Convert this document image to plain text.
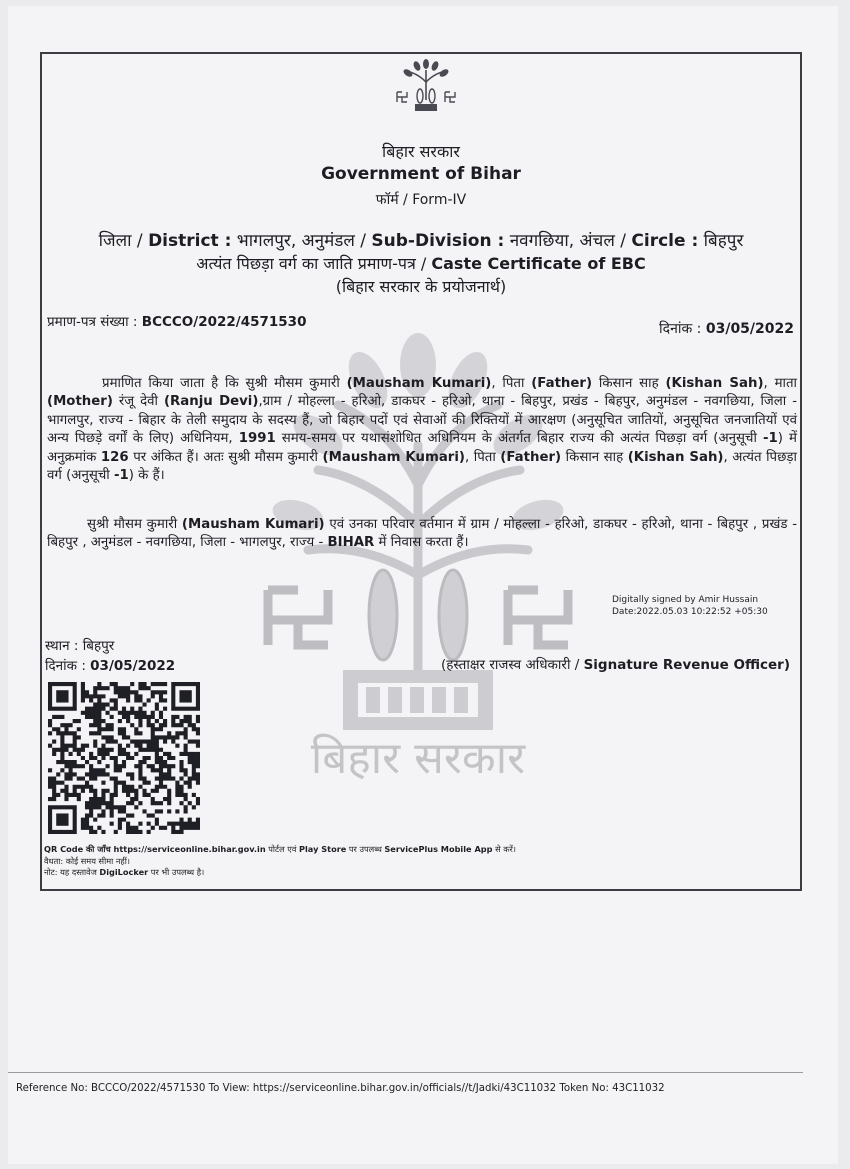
बिहार सरकार
बिहार सरकार
Government of Bihar
फॉर्म / Form-IV
जिला / District : भागलपुर, अनुमंडल / Sub-Division : नवगछिया, अंचल / Circle : बिहपुर
अत्यंत पिछड़ा वर्ग का जाति प्रमाण-पत्र / Caste Certificate of EBC
(बिहार सरकार के प्रयोजनार्थ)
प्रमाण-पत्र संख्या : BCCCO/2022/4571530	दिनांक : 03/05/2022
प्रमाणित किया जाता है कि सुश्री मौसम कुमारी (Mausham Kumari), पिता (Father) किसान साह (Kishan Sah), माता (Mother) रंजू देवी (Ranju Devi),ग्राम / मोहल्ला - हरिओ, डाकघर - हरिओ, थाना - बिहपुर, प्रखंड - बिहपुर, अनुमंडल - नवगछिया, जिला - भागलपुर, राज्य - बिहार के तेली समुदाय के सदस्य हैं, जो बिहार पदों एवं सेवाओं की रिक्तियों में आरक्षण (अनुसूचित जातियों, अनुसूचित जनजातियों एवं अन्य पिछड़े वर्गों के लिए) अधिनियम, 1991 समय-समय पर यथासंशोधित अधिनियम के अंतर्गत बिहार राज्य की अत्यंत पिछड़ा वर्ग (अनुसूची -1) में अनुक्रमांक 126 पर अंकित हैं। अतः सुश्री मौसम कुमारी (Mausham Kumari), पिता (Father) किसान साह (Kishan Sah), अत्यंत पिछड़ा वर्ग (अनुसूची -1) के हैं।
सुश्री मौसम कुमारी (Mausham Kumari) एवं उनका परिवार वर्तमान में ग्राम / मोहल्ला - हरिओ, डाकघर - हरिओ, थाना - बिहपुर , प्रखंड - बिहपुर , अनुमंडल - नवगछिया, जिला - भागलपुर, राज्य - BIHAR में निवास करता हैं।
Digitally signed by Amir Hussain
Date:2022.05.03 10:22:52 +05:30
स्थान : बिहपुर
दिनांक : 03/05/2022	(हस्ताक्षर राजस्व अधिकारी / Signature Revenue Officer)
QR Code की जाँच https://serviceonline.bihar.gov.in पोर्टल एवं Play Store पर उपलब्ध ServicePlus Mobile App से करें।
वैधता: कोई समय सीमा नहीं।
नोट: यह दस्तावेज DigiLocker पर भी उपलब्ध है।
Reference No: BCCCO/2022/4571530 To View: https://serviceonline.bihar.gov.in/officials//t/Jadki/43C11032 Token No: 43C11032
